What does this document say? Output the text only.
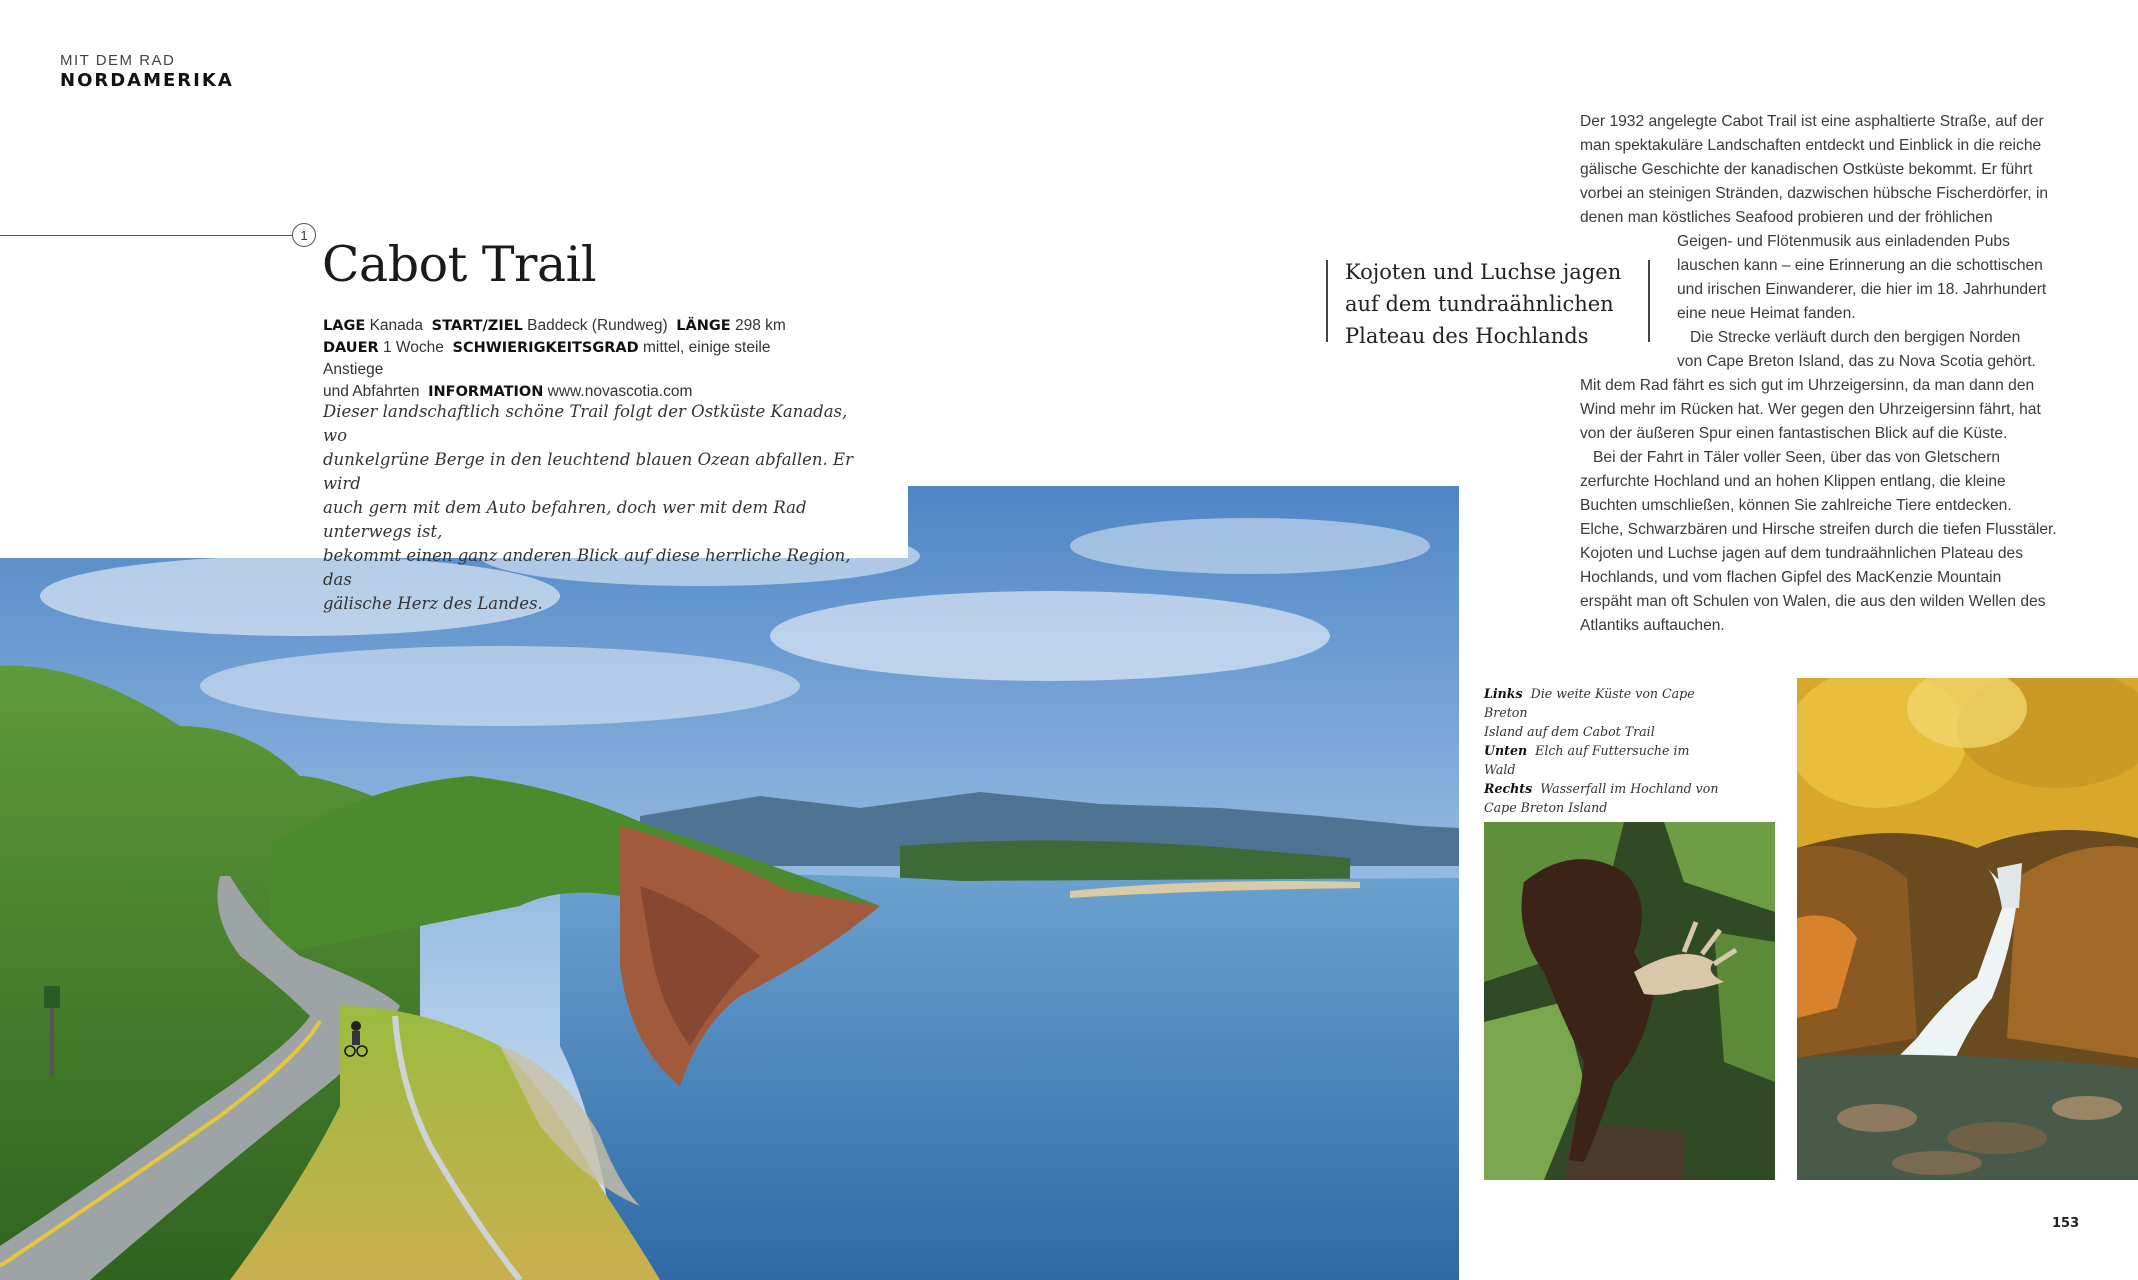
MIT DEM RAD
NORDAMERIKA
1
Cabot Trail
LAGE Kanada START/ZIEL Baddeck (Rundweg) LÄNGE 298 km
DAUER 1 Woche SCHWIERIGKEITSGRAD mittel, einige steile Anstiege
und Abfahrten INFORMATION www.novascotia.com
Dieser landschaftlich schöne Trail folgt der Ostküste Kanadas, wo
dunkelgrüne Berge in den leuchtend blauen Ozean abfallen. Er wird
auch gern mit dem Auto befahren, doch wer mit dem Rad unterwegs ist,
bekommt einen ganz anderen Blick auf diese herrliche Region, das
gälische Herz des Landes.
Kojoten und Luchse jagen
auf dem tundraähnlichen
Plateau des Hochlands
Der 1932 angelegte Cabot Trail ist eine asphaltierte Straße, auf der
man spektakuläre Landschaften entdeckt und Einblick in die reiche
gälische Geschichte der kanadischen Ostküste bekommt. Er führt
vorbei an steinigen Stränden, dazwischen hübsche Fischerdörfer, in
denen man köstliches Seafood probieren und der fröhlichen
Geigen- und Flötenmusik aus einladenden Pubs
lauschen kann – eine Erinnerung an die schottischen
und irischen Einwanderer, die hier im 18. Jahrhundert
eine neue Heimat fanden.
Die Strecke verläuft durch den bergigen Norden
von Cape Breton Island, das zu Nova Scotia gehört.
Mit dem Rad fährt es sich gut im Uhrzeigersinn, da man dann den
Wind mehr im Rücken hat. Wer gegen den Uhrzeigersinn fährt, hat
von der äußeren Spur einen fantastischen Blick auf die Küste.
Bei der Fahrt in Täler voller Seen, über das von Gletschern
zerfurchte Hochland und an hohen Klippen entlang, die kleine
Buchten umschließen, können Sie zahlreiche Tiere entdecken.
Elche, Schwarzbären und Hirsche streifen durch die tiefen Flusstäler.
Kojoten und Luchse jagen auf dem tundraähnlichen Plateau des
Hochlands, und vom flachen Gipfel des MacKenzie Mountain
erspäht man oft Schulen von Walen, die aus den wilden Wellen des
Atlantiks auftauchen.
Links Die weite Küste von Cape Breton
Island auf dem Cabot Trail
Unten Elch auf Futtersuche im Wald
Rechts Wasserfall im Hochland von
Cape Breton Island
153
